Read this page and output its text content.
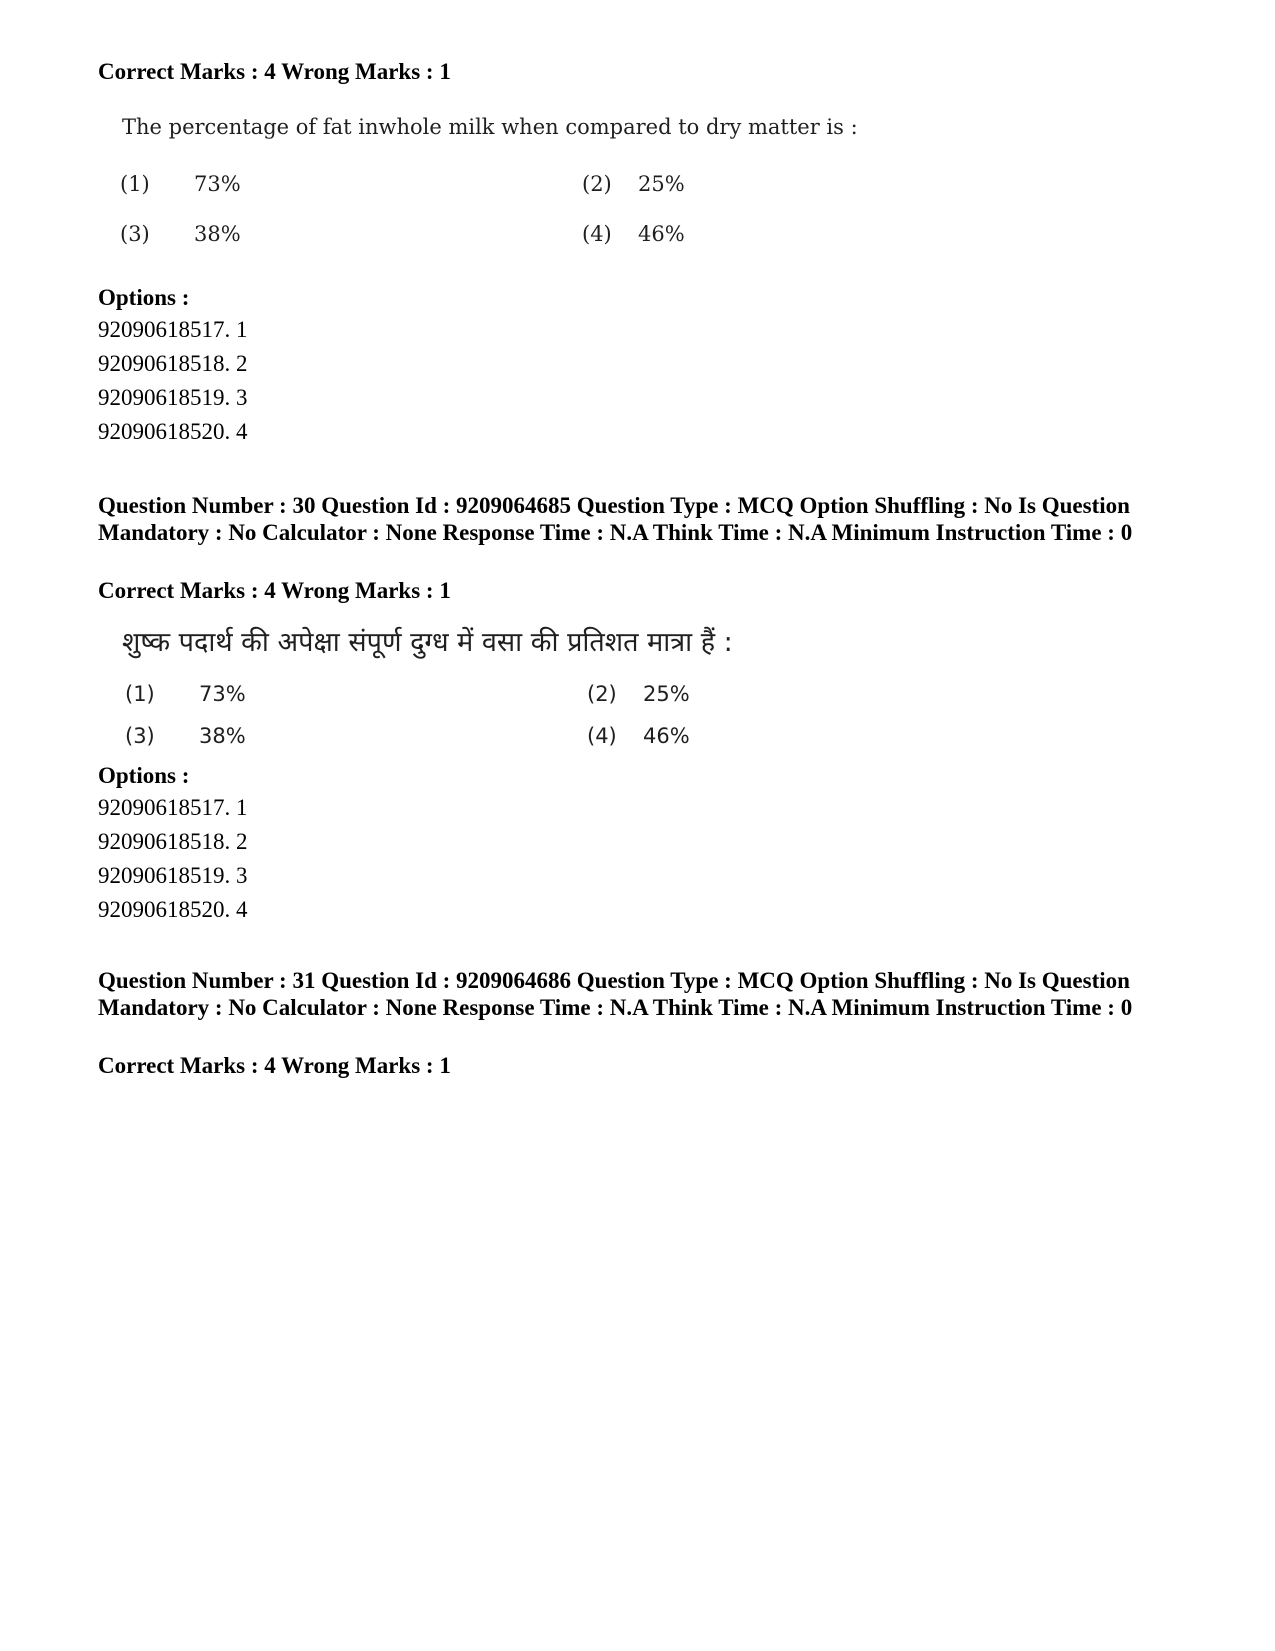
Correct Marks : 4 Wrong Marks : 1

The percentage of fat inwhole milk when compared to dry matter is :
(1) 73%	(2) 25%
(3) 38%	(4) 46%

Options :

92090618517. 1
92090618518. 2
92090618519. 3
92090618520. 4

Question Number : 30 Question Id : 9209064685 Question Type : MCQ Option Shuffling : No Is Question Mandatory : No Calculator : None Response Time : N.A Think Time : N.A Minimum Instruction Time : 0

Correct Marks : 4 Wrong Marks : 1

शुष्क पदार्थ की अपेक्षा संपूर्ण दुग्ध में वसा की प्रतिशत मात्रा हैं :
(1) 73%	(2) 25%
(3) 38%	(4) 46%

Options :

92090618517. 1
92090618518. 2
92090618519. 3
92090618520. 4

Question Number : 31 Question Id : 9209064686 Question Type : MCQ Option Shuffling : No Is Question Mandatory : No Calculator : None Response Time : N.A Think Time : N.A Minimum Instruction Time : 0

Correct Marks : 4 Wrong Marks : 1
